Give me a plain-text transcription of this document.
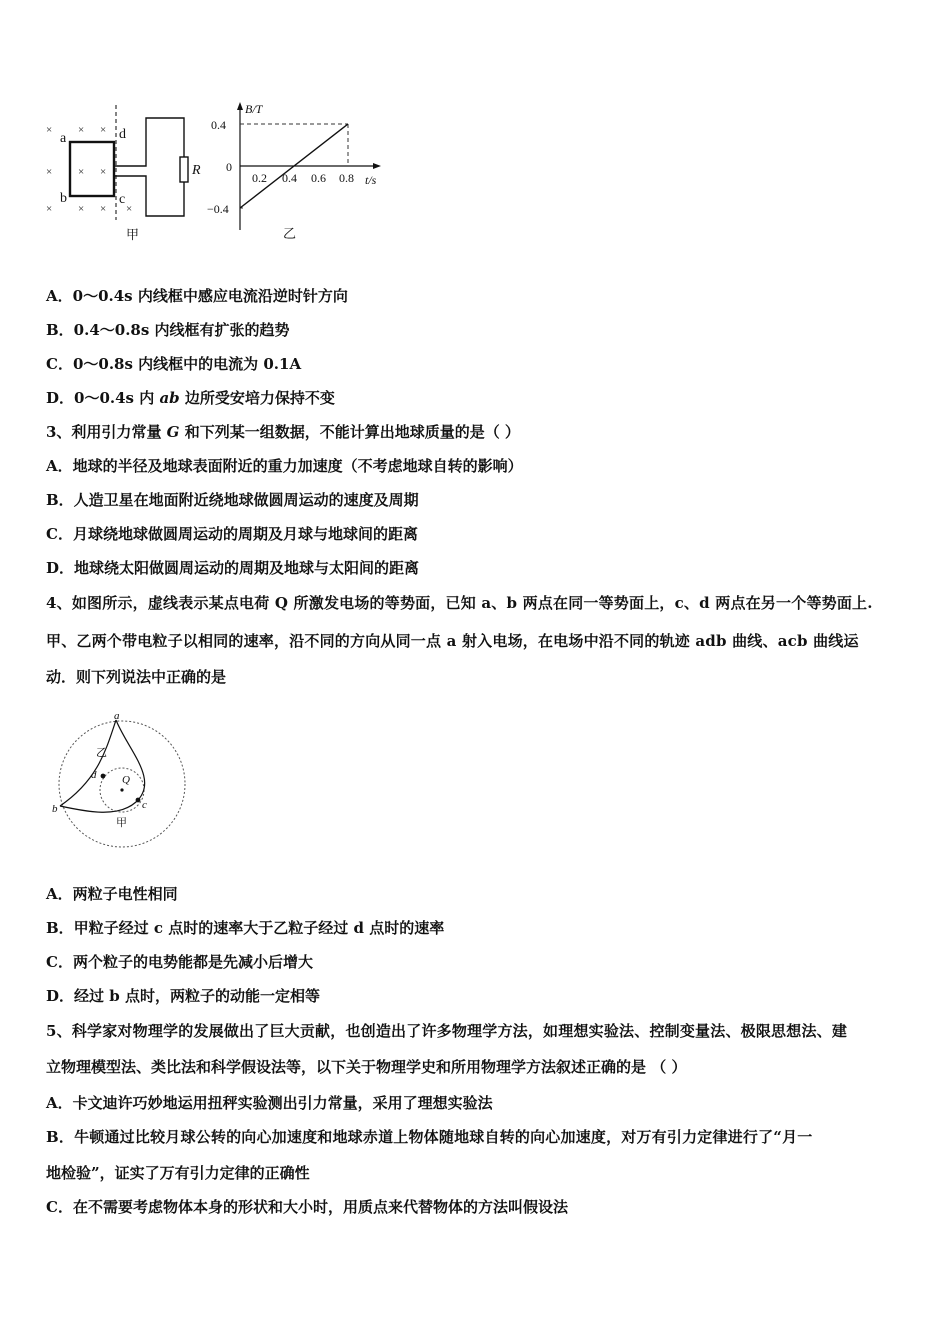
× × ×
× × ×
× × × ×
a
b	c
d
R
甲
B/T
t/s
0.4
0
−0.4
0.2 0.4 0.6 0.8
乙
A．0～0.4s 内线框中感应电流沿逆时针方向
B．0.4～0.8s 内线框有扩张的趋势
C．0～0.8s 内线框中的电流为 0.1A
D．0～0.4s 内 ab 边所受安培力保持不变
3、利用引力常量 G 和下列某一组数据，不能计算出地球质量的是（ ）
A．地球的半径及地球表面附近的重力加速度（不考虑地球自转的影响）
B．人造卫星在地面附近绕地球做圆周运动的速度及周期
C．月球绕地球做圆周运动的周期及月球与地球间的距离
D．地球绕太阳做圆周运动的周期及地球与太阳间的距离
4、如图所示，虚线表示某点电荷 Q 所激发电场的等势面，已知 a、b 两点在同一等势面上，c、d 两点在另一个等势面上.
甲、乙两个带电粒子以相同的速率，沿不同的方向从同一点 a 射入电场，在电场中沿不同的轨迹 adb 曲线、acb 曲线运
动．则下列说法中正确的是
a
b	c
d Q
乙
甲
A．两粒子电性相同
B．甲粒子经过 c 点时的速率大于乙粒子经过 d 点时的速率
C．两个粒子的电势能都是先减小后增大
D．经过 b 点时，两粒子的动能一定相等
5、科学家对物理学的发展做出了巨大贡献，也创造出了许多物理学方法，如理想实验法、控制变量法、极限思想法、建
立物理模型法、类比法和科学假设法等，以下关于物理学史和所用物理学方法叙述正确的是 （ ）
A．卡文迪许巧妙地运用扭秤实验测出引力常量，采用了理想实验法
B．牛顿通过比较月球公转的向心加速度和地球赤道上物体随地球自转的向心加速度，对万有引力定律进行了“月一
地检验”，证实了万有引力定律的正确性
C．在不需要考虑物体本身的形状和大小时，用质点来代替物体的方法叫假设法
